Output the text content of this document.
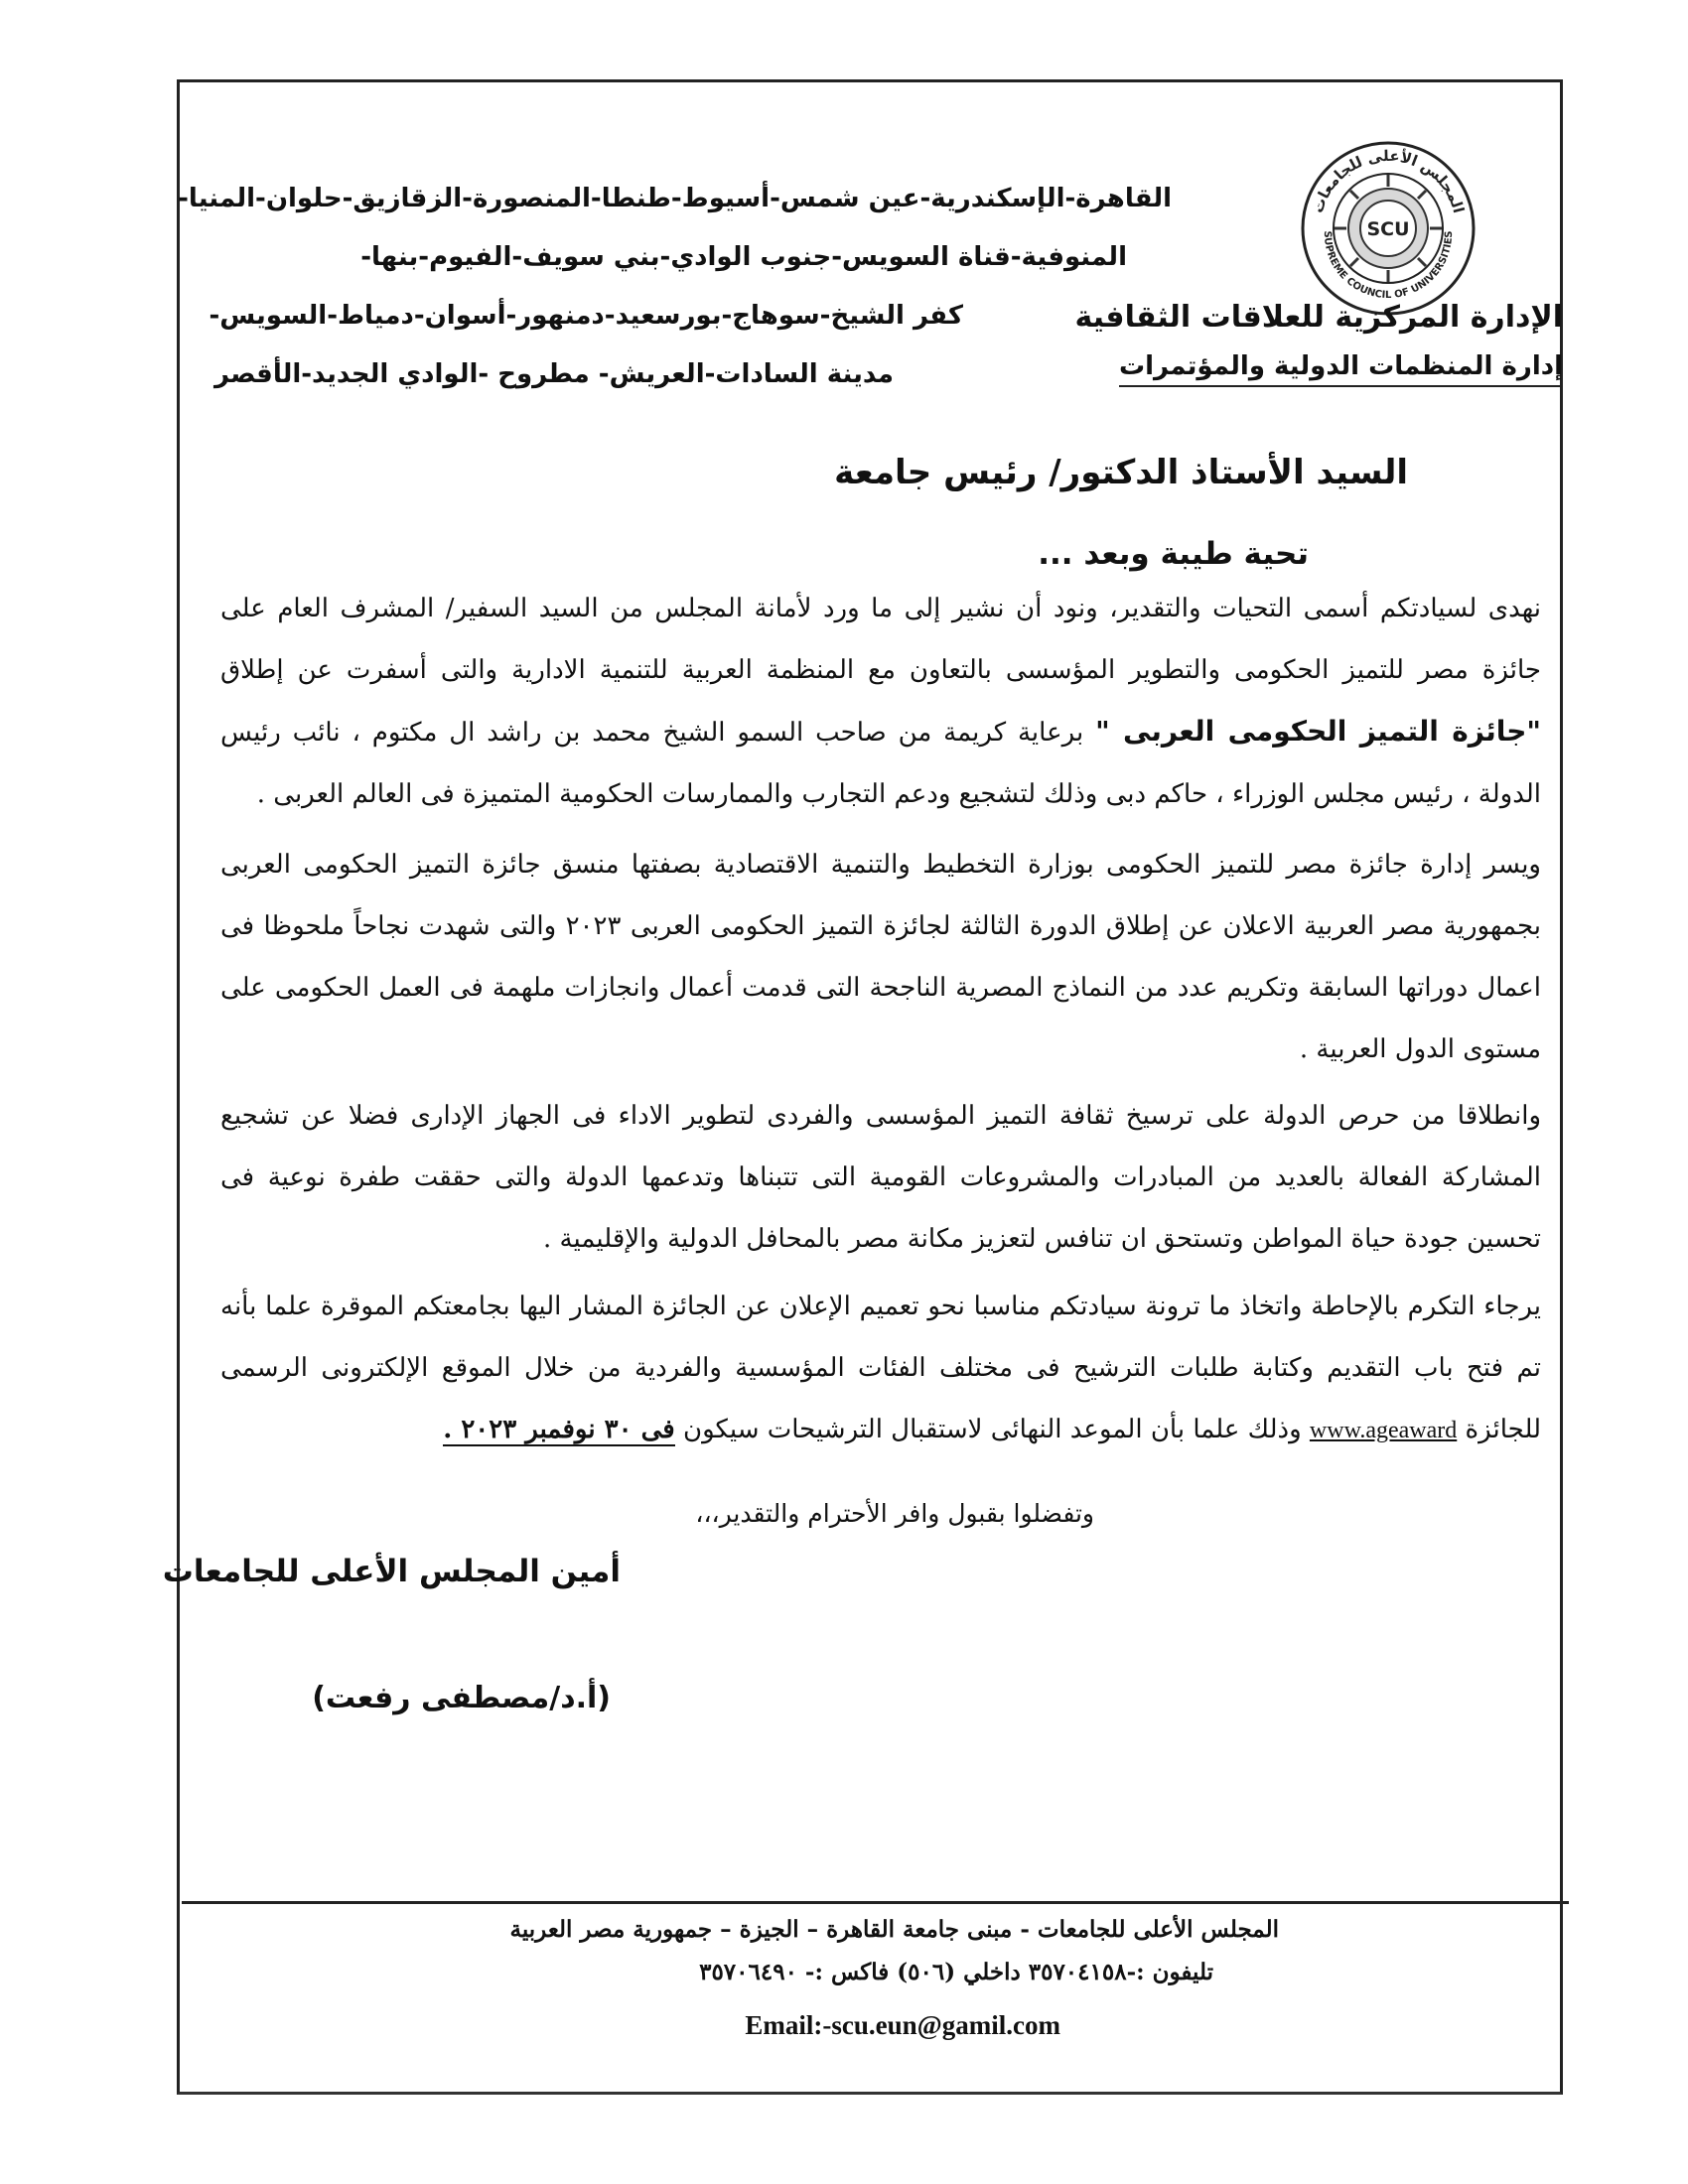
المجلس الأعلى للجامعات
SUPREME COUNCIL OF UNIVERSITIES
SCU
الإدارة المركزية للعلاقات الثقافية
إدارة المنظمات الدولية والمؤتمرات
القاهرة-الإسكندرية-عين شمس-أسيوط-طنطا-المنصورة-الزقازيق-حلوان-المنيا-
المنوفية-قناة السويس-جنوب الوادي-بني سويف-الفيوم-بنها-
كفر الشيخ-سوهاج-بورسعيد-دمنهور-أسوان-دمياط-السويس-
مدينة السادات-العريش- مطروح -الوادي الجديد-الأقصر
السيد الأستاذ الدكتور/ رئيس جامعة
تحية طيبة وبعد ...
نهدى لسيادتكم أسمى التحيات والتقدير، ونود أن نشير إلى ما ورد لأمانة المجلس من السيد السفير/ المشرف العام على جائزة مصر للتميز الحكومى والتطوير المؤسسى بالتعاون مع المنظمة العربية للتنمية الادارية والتى أسفرت عن إطلاق "جائزة التميز الحكومى العربى " برعاية كريمة من صاحب السمو الشيخ محمد بن راشد ال مكتوم ، نائب رئيس الدولة ، رئيس مجلس الوزراء ، حاكم دبى وذلك لتشجيع ودعم التجارب والممارسات الحكومية المتميزة فى العالم العربى .
ويسر إدارة جائزة مصر للتميز الحكومى بوزارة التخطيط والتنمية الاقتصادية بصفتها منسق جائزة التميز الحكومى العربى بجمهورية مصر العربية الاعلان عن إطلاق الدورة الثالثة لجائزة التميز الحكومى العربى ٢٠٢٣ والتى شهدت نجاحاً ملحوظا فى اعمال دوراتها السابقة وتكريم عدد من النماذج المصرية الناجحة التى قدمت أعمال وانجازات ملهمة فى العمل الحكومى على مستوى الدول العربية .
وانطلاقا من حرص الدولة على ترسيخ ثقافة التميز المؤسسى والفردى لتطوير الاداء فى الجهاز الإدارى فضلا عن تشجيع المشاركة الفعالة بالعديد من المبادرات والمشروعات القومية التى تتبناها وتدعمها الدولة والتى حققت طفرة نوعية فى تحسين جودة حياة المواطن وتستحق ان تنافس لتعزيز مكانة مصر بالمحافل الدولية والإقليمية .
يرجاء التكرم بالإحاطة واتخاذ ما ترونة سيادتكم مناسبا نحو تعميم الإعلان عن الجائزة المشار اليها بجامعتكم الموقرة علما بأنه تم فتح باب التقديم وكتابة طلبات الترشيح فى مختلف الفئات المؤسسية والفردية من خلال الموقع الإلكترونى الرسمى للجائزة www.ageaward وذلك علما بأن الموعد النهائى لاستقبال الترشيحات سيكون فى ٣٠ نوفمبر ٢٠٢٣ .
وتفضلوا بقبول وافر الأحترام والتقدير،،،
أمين المجلس الأعلى للجامعات
(أ.د/مصطفى رفعت)
المجلس الأعلى للجامعات - مبنى جامعة القاهرة – الجيزة – جمهورية مصر العربية
تليفون :-٣٥٧٠٤١٥٨ داخلي (٥٠٦) فاكس :- ٣٥٧٠٦٤٩٠
Email:-scu.eun@gamil.com
